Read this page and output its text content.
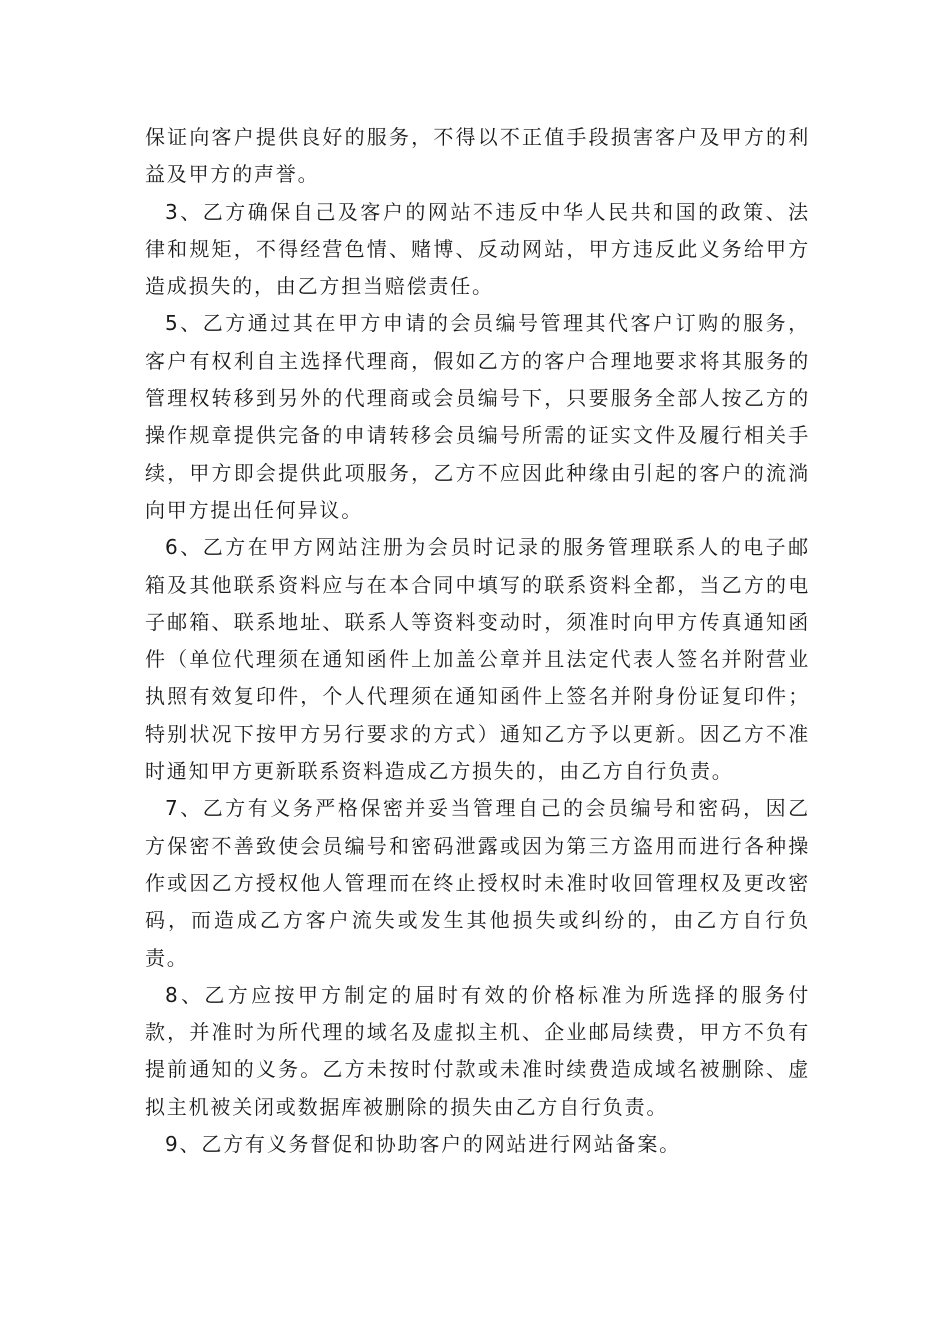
保证向客户提供良好的服务，不得以不正值手段损害客户及甲方的利益及甲方的声誉。

3、乙方确保自己及客户的网站不违反中华人民共和国的政策、法律和规矩，不得经营色情、赌博、反动网站，甲方违反此义务给甲方造成损失的，由乙方担当赔偿责任。

5、乙方通过其在甲方申请的会员编号管理其代客户订购的服务，客户有权利自主选择代理商，假如乙方的客户合理地要求将其服务的管理权转移到另外的代理商或会员编号下，只要服务全部人按乙方的操作规章提供完备的申请转移会员编号所需的证实文件及履行相关手续，甲方即会提供此项服务，乙方不应因此种缘由引起的客户的流淌向甲方提出任何异议。

6、乙方在甲方网站注册为会员时记录的服务管理联系人的电子邮箱及其他联系资料应与在本合同中填写的联系资料全都，当乙方的电子邮箱、联系地址、联系人等资料变动时，须准时向甲方传真通知函件（单位代理须在通知函件上加盖公章并且法定代表人签名并附营业执照有效复印件，个人代理须在通知函件上签名并附身份证复印件；特别状况下按甲方另行要求的方式）通知乙方予以更新。因乙方不准时通知甲方更新联系资料造成乙方损失的，由乙方自行负责。

7、乙方有义务严格保密并妥当管理自己的会员编号和密码，因乙方保密不善致使会员编号和密码泄露或因为第三方盗用而进行各种操作或因乙方授权他人管理而在终止授权时未准时收回管理权及更改密码，而造成乙方客户流失或发生其他损失或纠纷的，由乙方自行负责。

8、乙方应按甲方制定的届时有效的价格标准为所选择的服务付款，并准时为所代理的域名及虚拟主机、企业邮局续费，甲方不负有提前通知的义务。乙方未按时付款或未准时续费造成域名被删除、虚拟主机被关闭或数据库被删除的损失由乙方自行负责。

9、乙方有义务督促和协助客户的网站进行网站备案。
